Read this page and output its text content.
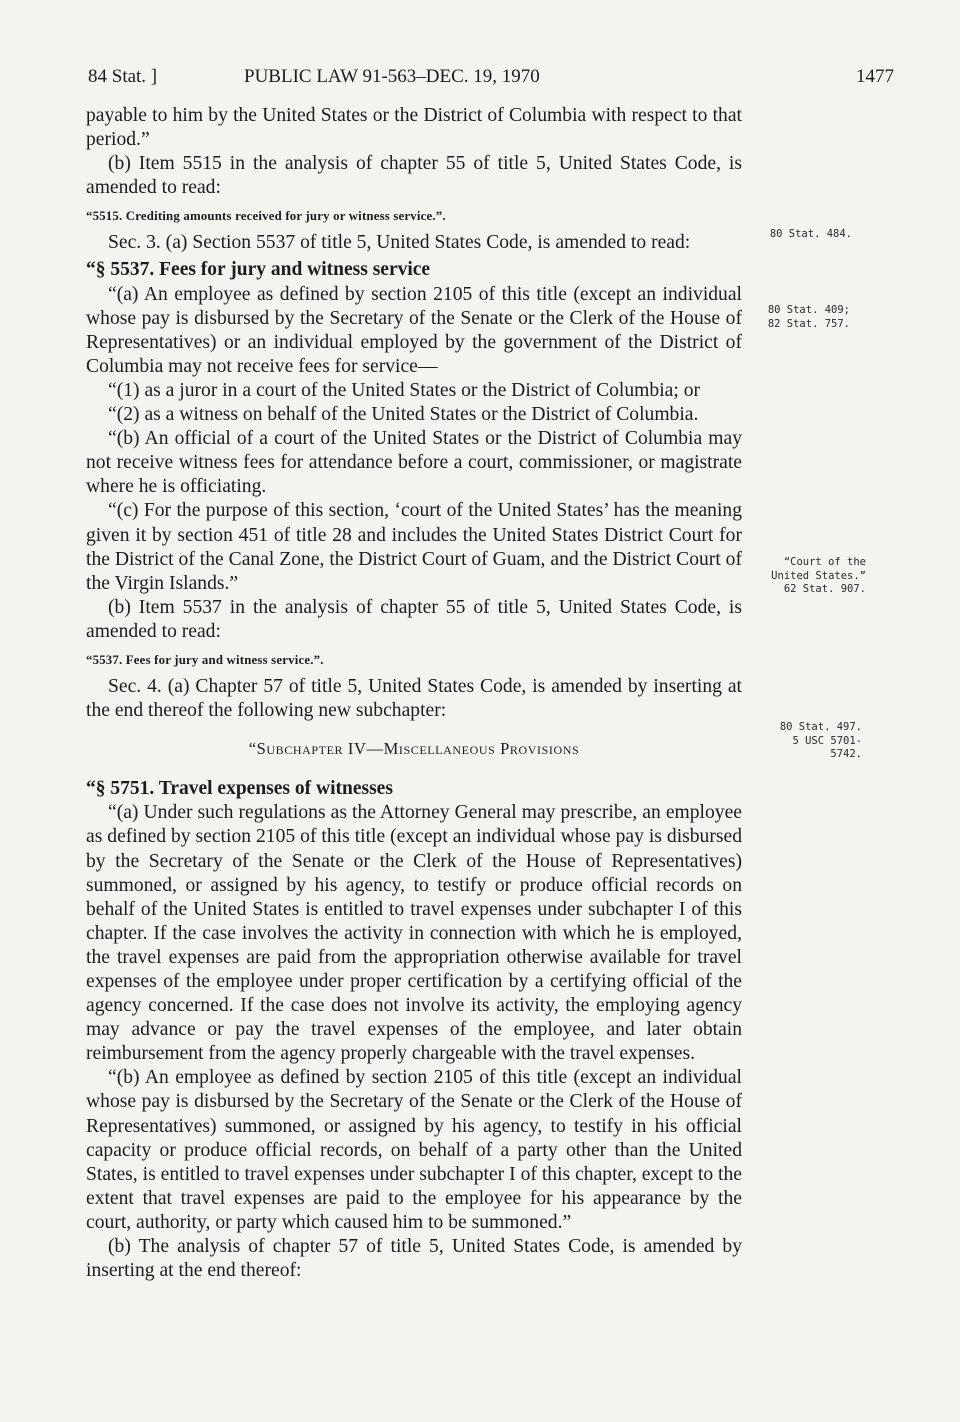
84 Stat. ]	PUBLIC LAW 91-563–DEC. 19, 1970	1477

payable to him by the United States or the District of Columbia with respect to that period.”

(b) Item 5515 in the analysis of chapter 55 of title 5, United States Code, is amended to read:

“5515. Crediting amounts received for jury or witness service.”.

Sec. 3. (a) Section 5537 of title 5, United States Code, is amended to read:

“§ 5537. Fees for jury and witness service

“(a) An employee as defined by section 2105 of this title (except an individual whose pay is disbursed by the Secretary of the Senate or the Clerk of the House of Representatives) or an individual employed by the government of the District of Columbia may not receive fees for service—

“(1) as a juror in a court of the United States or the District of Columbia; or

“(2) as a witness on behalf of the United States or the District of Columbia.

“(b) An official of a court of the United States or the District of Columbia may not receive witness fees for attendance before a court, commissioner, or magistrate where he is officiating.

“(c) For the purpose of this section, ‘court of the United States’ has the meaning given it by section 451 of title 28 and includes the United States District Court for the District of the Canal Zone, the District Court of Guam, and the District Court of the Virgin Islands.”

(b) Item 5537 in the analysis of chapter 55 of title 5, United States Code, is amended to read:

“5537. Fees for jury and witness service.”.

Sec. 4. (a) Chapter 57 of title 5, United States Code, is amended by inserting at the end thereof the following new subchapter:

“Subchapter IV—Miscellaneous Provisions

“§ 5751. Travel expenses of witnesses

“(a) Under such regulations as the Attorney General may prescribe, an employee as defined by section 2105 of this title (except an individual whose pay is disbursed by the Secretary of the Senate or the Clerk of the House of Representatives) summoned, or assigned by his agency, to testify or produce official records on behalf of the United States is entitled to travel expenses under subchapter I of this chapter. If the case involves the activity in connection with which he is employed, the travel expenses are paid from the appropriation otherwise available for travel expenses of the employee under proper certification by a certifying official of the agency concerned. If the case does not involve its activity, the employing agency may advance or pay the travel expenses of the employee, and later obtain reimbursement from the agency properly chargeable with the travel expenses.

“(b) An employee as defined by section 2105 of this title (except an individual whose pay is disbursed by the Secretary of the Senate or the Clerk of the House of Representatives) summoned, or assigned by his agency, to testify in his official capacity or produce official records, on behalf of a party other than the United States, is entitled to travel expenses under subchapter I of this chapter, except to the extent that travel expenses are paid to the employee for his appearance by the court, authority, or party which caused him to be summoned.”

(b) The analysis of chapter 57 of title 5, United States Code, is amended by inserting at the end thereof:

80 Stat. 484.
80 Stat. 409;
82 Stat. 757.
“Court of the
United States.”
62 Stat. 907.
80 Stat. 497.
5 USC 5701-
5742.
